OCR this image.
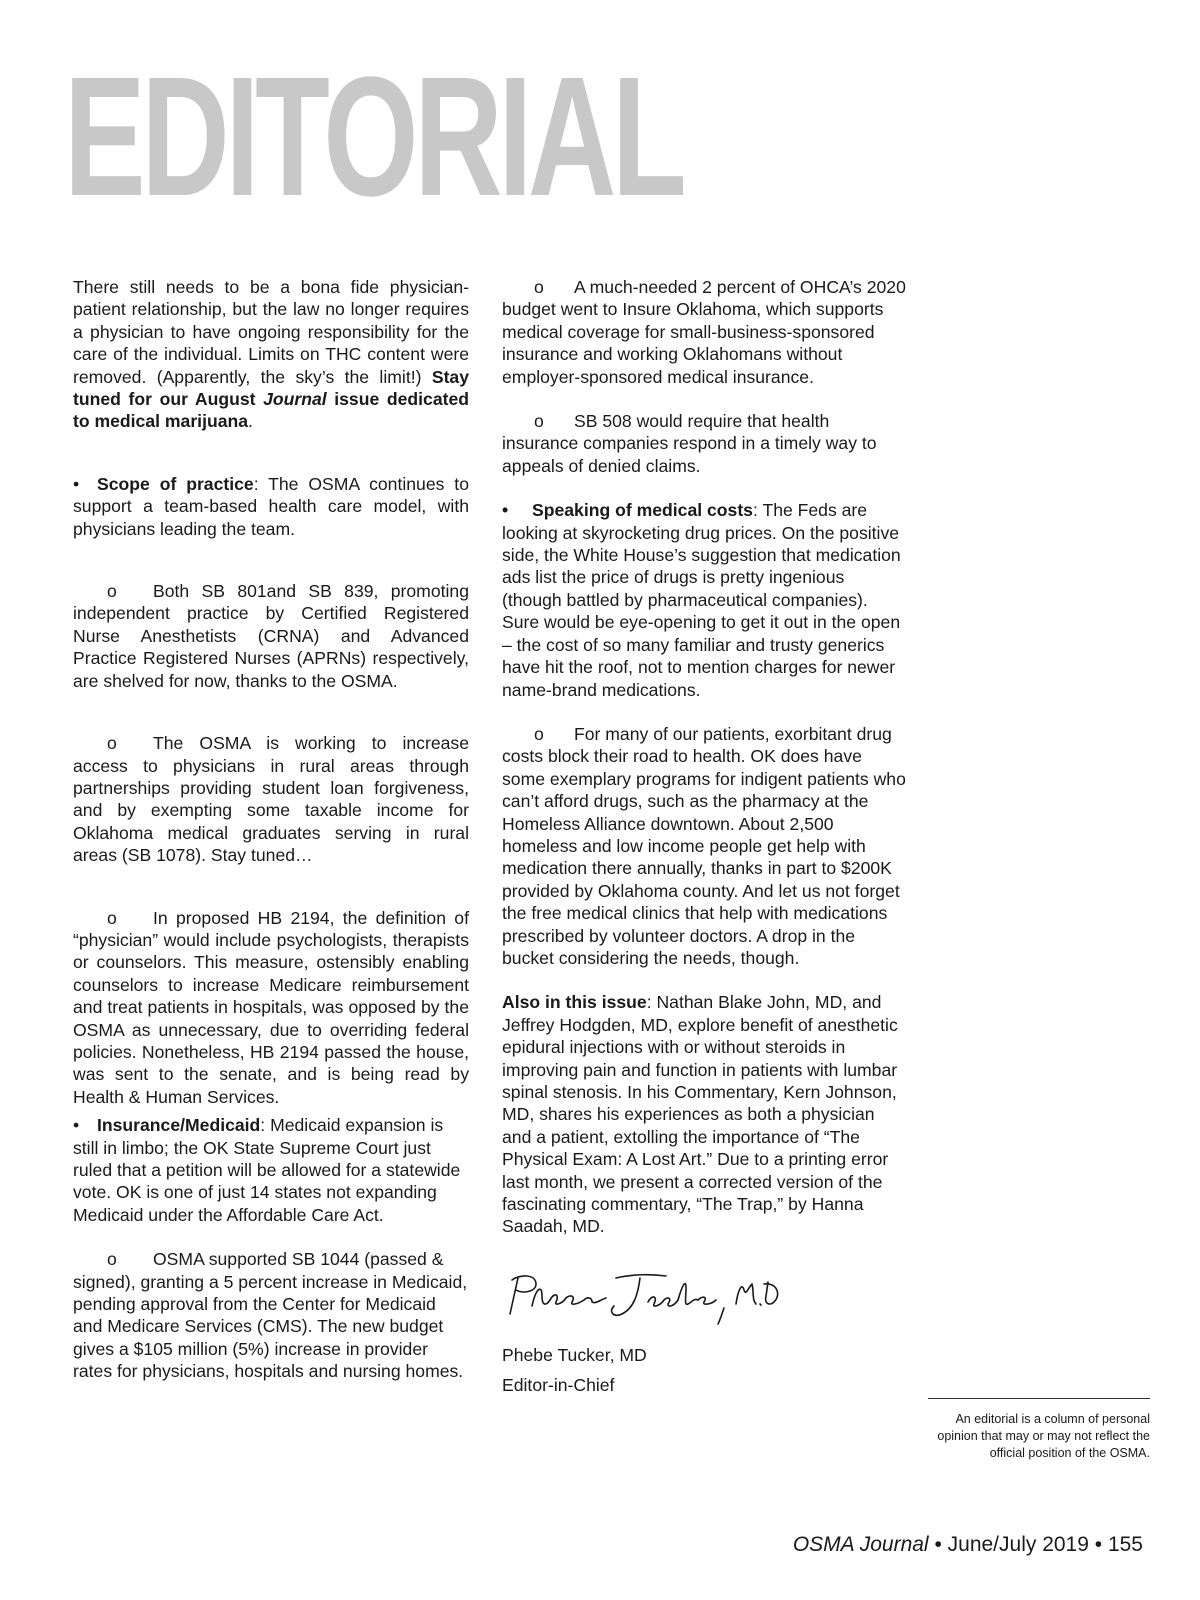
EDITORIAL

There still needs to be a bona fide physician-patient relationship, but the law no longer requires a physician to have ongoing responsibility for the care of the individual. Limits on THC content were removed. (Apparently, the sky’s the limit!) Stay tuned for our August Journal issue dedicated to medical marijuana.

• Scope of practice: The OSMA continues to support a team-based health care model, with physicians leading the team.

o Both SB 801and SB 839, promoting independent practice by Certified Registered Nurse Anesthetists (CRNA) and Advanced Practice Registered Nurses (APRNs) respectively, are shelved for now, thanks to the OSMA.

o The OSMA is working to increase access to physicians in rural areas through partnerships providing student loan forgiveness, and by exempting some taxable income for Oklahoma medical graduates serving in rural areas (SB 1078). Stay tuned…

o In proposed HB 2194, the definition of “physician” would include psychologists, therapists or counselors. This measure, ostensibly enabling counselors to increase Medicare reimbursement and treat patients in hospitals, was opposed by the OSMA as unnecessary, due to overriding federal policies. Nonetheless, HB 2194 passed the house, was sent to the senate, and is being read by Health & Human Services.

• Insurance/Medicaid: Medicaid expansion is still in limbo; the OK State Supreme Court just ruled that a petition will be allowed for a statewide vote. OK is one of just 14 states not expanding Medicaid under the Affordable Care Act.

o OSMA supported SB 1044 (passed & signed), granting a 5 percent increase in Medicaid, pending approval from the Center for Medicaid and Medicare Services (CMS). The new budget gives a $105 million (5%) increase in provider rates for physicians, hospitals and nursing homes.

o A much-needed 2 percent of OHCA’s 2020 budget went to Insure Oklahoma, which supports medical coverage for small-business-sponsored insurance and working Oklahomans without employer-sponsored medical insurance.

o SB 508 would require that health insurance companies respond in a timely way to appeals of denied claims.

• Speaking of medical costs: The Feds are looking at skyrocketing drug prices. On the positive side, the White House’s suggestion that medication ads list the price of drugs is pretty ingenious (though battled by pharmaceutical companies). Sure would be eye-opening to get it out in the open – the cost of so many familiar and trusty generics have hit the roof, not to mention charges for newer name-brand medications.

o For many of our patients, exorbitant drug costs block their road to health. OK does have some exemplary programs for indigent patients who can’t afford drugs, such as the pharmacy at the Homeless Alliance downtown. About 2,500 homeless and low income people get help with medication there annually, thanks in part to $200K provided by Oklahoma county. And let us not forget the free medical clinics that help with medications prescribed by volunteer doctors. A drop in the bucket considering the needs, though.

Also in this issue: Nathan Blake John, MD, and Jeffrey Hodgden, MD, explore benefit of anesthetic epidural injections with or without steroids in improving pain and function in patients with lumbar spinal stenosis. In his Commentary, Kern Johnson, MD, shares his experiences as both a physician and a patient, extolling the importance of “The Physical Exam: A Lost Art.” Due to a printing error last month, we present a corrected version of the fascinating commentary, “The Trap,” by Hanna Saadah, MD.

Phebe Tucker, MD
Editor-in-Chief
An editorial is a column of personal opinion that may or may not reflect the official position of the OSMA.
OSMA Journal • June/July 2019 • 155
